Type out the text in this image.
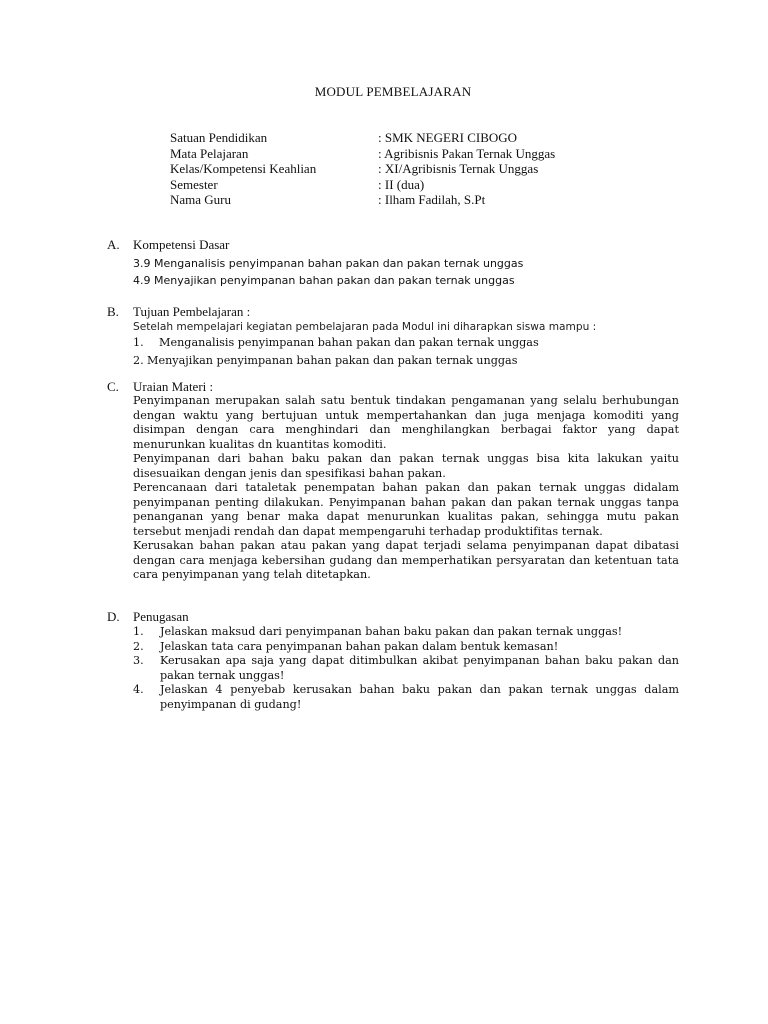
MODUL PEMBELAJARAN
Satuan Pendidikan	: SMK NEGERI CIBOGO
Mata Pelajaran	: Agribisnis Pakan Ternak Unggas
Kelas/Kompetensi Keahlian	: XI/Agribisnis Ternak Unggas
Semester	: II (dua)
Nama Guru	: Ilham Fadilah, S.Pt
A. Kompetensi Dasar
3.9 Menganalisis penyimpanan bahan pakan dan pakan ternak unggas
4.9 Menyajikan penyimpanan bahan pakan dan pakan ternak unggas
B. Tujuan Pembelajaran :
Setelah mempelajari kegiatan pembelajaran pada Modul ini diharapkan siswa mampu :
1. Menganalisis penyimpanan bahan pakan dan pakan ternak unggas
2. Menyajikan penyimpanan bahan pakan dan pakan ternak unggas
C. Uraian Materi :
Penyimpanan merupakan salah satu bentuk tindakan pengamanan yang selalu berhubungan dengan waktu yang bertujuan untuk mempertahankan dan juga menjaga komoditi yang disimpan dengan cara menghindari dan menghilangkan berbagai faktor yang dapat menurunkan kualitas dn kuantitas komoditi.
Penyimpanan dari bahan baku pakan dan pakan ternak unggas bisa kita lakukan yaitu disesuaikan dengan jenis dan spesifikasi bahan pakan.
Perencanaan dari tataletak penempatan bahan pakan dan pakan ternak unggas didalam penyimpanan penting dilakukan. Penyimpanan bahan pakan dan pakan ternak unggas tanpa penanganan yang benar maka dapat menurunkan kualitas pakan, sehingga mutu pakan tersebut menjadi rendah dan dapat mempengaruhi terhadap produktifitas ternak.
Kerusakan bahan pakan atau pakan yang dapat terjadi selama penyimpanan dapat dibatasi dengan cara menjaga kebersihan gudang dan memperhatikan persyaratan dan ketentuan tata cara penyimpanan yang telah ditetapkan.
D. Penugasan
1.	Jelaskan maksud dari penyimpanan bahan baku pakan dan pakan ternak unggas!
2.	Jelaskan tata cara penyimpanan bahan pakan dalam bentuk kemasan!
3.	Kerusakan apa saja yang dapat ditimbulkan akibat penyimpanan bahan baku pakan dan pakan ternak unggas!
4.	Jelaskan 4 penyebab kerusakan bahan baku pakan dan pakan ternak unggas dalam penyimpanan di gudang!
